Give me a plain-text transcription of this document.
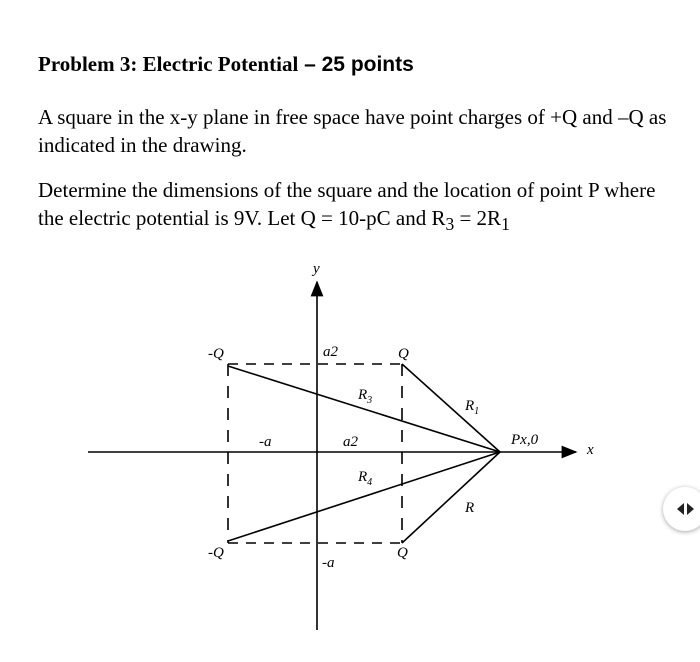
Problem 3: Electric Potential – 25 points
A square in the x-y plane in free space have point charges of +Q and –Q as indicated in the drawing.
Determine the dimensions of the square and the location of point P where the electric potential is 9V. Let Q = 10-pC and $R_3 = 2R_1$
y
x
-Q	Q
-Q	Q
a2
a2
-a
-a
$R_1$
$R_3$
$R_4$
R
Px,0
